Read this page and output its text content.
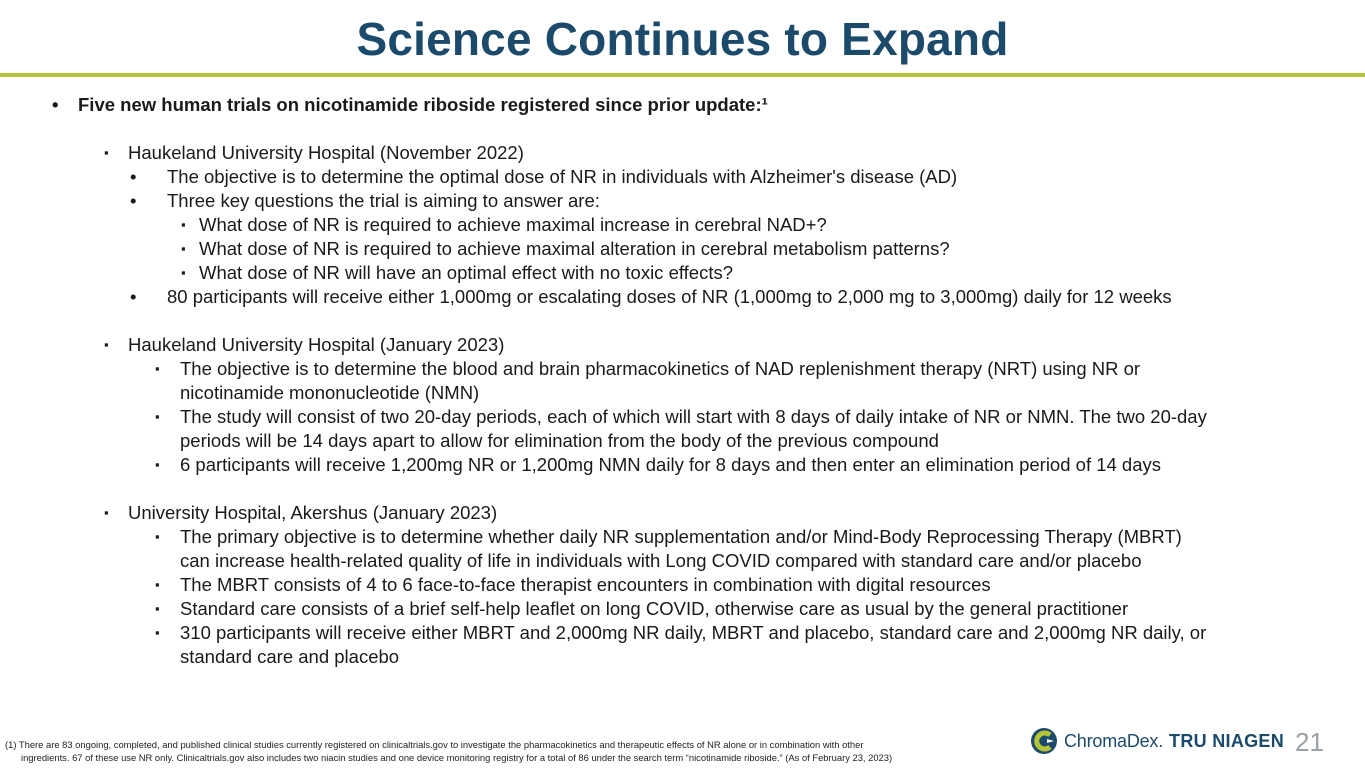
Science Continues to Expand
• Five new human trials on nicotinamide riboside registered since prior update:¹
▪ Haukeland University Hospital (November 2022)
• The objective is to determine the optimal dose of NR in individuals with Alzheimer's disease (AD)
• Three key questions the trial is aiming to answer are:
▪ What dose of NR is required to achieve maximal increase in cerebral NAD+?
▪ What dose of NR is required to achieve maximal alteration in cerebral metabolism patterns?
▪ What dose of NR will have an optimal effect with no toxic effects?
• 80 participants will receive either 1,000mg or escalating doses of NR (1,000mg to 2,000 mg to 3,000mg) daily for 12 weeks
▪ Haukeland University Hospital (January 2023)
▪ The objective is to determine the blood and brain pharmacokinetics of NAD replenishment therapy (NRT) using NR or
nicotinamide mononucleotide (NMN)
▪ The study will consist of two 20-day periods, each of which will start with 8 days of daily intake of NR or NMN. The two 20-day
periods will be 14 days apart to allow for elimination from the body of the previous compound
▪ 6 participants will receive 1,200mg NR or 1,200mg NMN daily for 8 days and then enter an elimination period of 14 days
▪ University Hospital, Akershus (January 2023)
▪ The primary objective is to determine whether daily NR supplementation and/or Mind-Body Reprocessing Therapy (MBRT)
can increase health-related quality of life in individuals with Long COVID compared with standard care and/or placebo
▪ The MBRT consists of 4 to 6 face-to-face therapist encounters in combination with digital resources
▪ Standard care consists of a brief self-help leaflet on long COVID, otherwise care as usual by the general practitioner
▪ 310 participants will receive either MBRT and 2,000mg NR daily, MBRT and placebo, standard care and 2,000mg NR daily, or
standard care and placebo
(1) There are 83 ongoing, completed, and published clinical studies currently registered on clinicaltrials.gov to investigate the pharmacokinetics and therapeutic effects of NR alone or in combination with other
ingredients. 67 of these use NR only. Clinicaltrials.gov also includes two niacin studies and one device monitoring registry for a total of 86 under the search term “nicotinamide riboside.” (As of February 23, 2023)
ChromaDex. TRU NIAGEN 21
